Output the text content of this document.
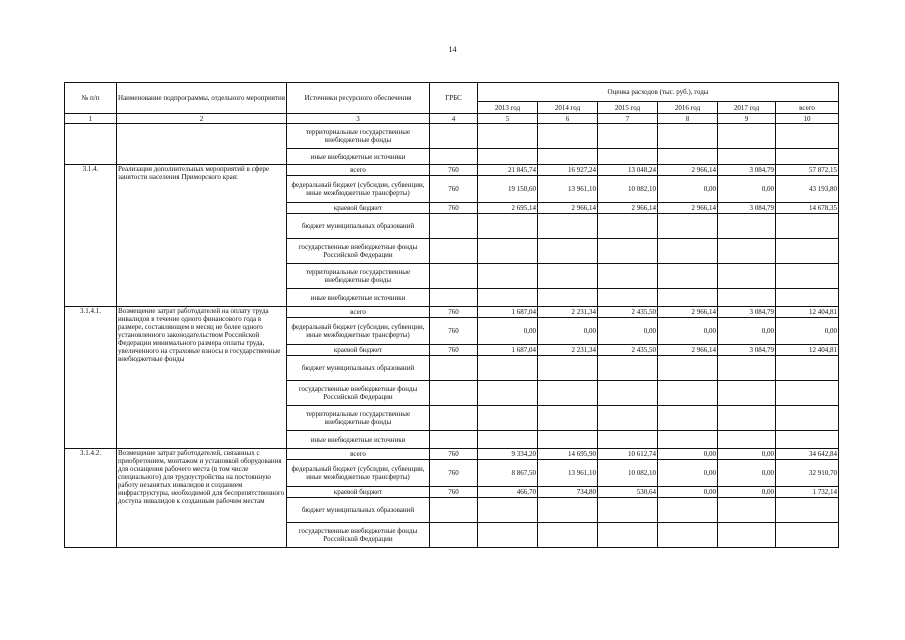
14
№ п/п	Наименование подпрограммы, отдельного мероприятия	Источники ресурсного обеспечения	ГРБС	Оценка расходов (тыс. руб.), годы					
				2013 год	2014 год	2015 год	2016 год	2017 год	всего
1	2	3	4	5	6	7	8	9	10
		территориальные государственные внебюджетные фонды							
		иные внебюджетные источники							
3.1.4.	Реализация дополнительных мероприятий в сфере занятости населения Приморского края:	всего	760	21 845,74	16 927,24	13 048,24	2 966,14	3 084,79	57 872,15
		федеральный бюджет (субсидии, субвенции, иные межбюджетные трансферты)	760	19 150,60	13 961,10	10 082,10	0,00	0,00	43 193,80
		краевой бюджет	760	2 695,14	2 966,14	2 966,14	2 966,14	3 084,79	14 678,35
		бюджет муниципальных образований							
		государственные внебюджетные фонды Российской Федерации							
		территориальные государственные внебюджетные фонды							
		иные внебюджетные источники							
3.1.4.1.	Возмещение затрат работодателей на оплату труда инвалидов в течение одного финансового года в размере, составляющем в месяц не более одного установленного законодательством Российской Федерации минимального размера оплаты труда, увеличенного на страховые взносы в государственные внебюджетные фонды	всего	760	1 687,04	2 231,34	2 435,50	2 966,14	3 084,79	12 404,81
		федеральный бюджет (субсидии, субвенции, иные межбюджетные трансферты)	760	0,00	0,00	0,00	0,00	0,00	0,00
		краевой бюджет	760	1 687,04	2 231,34	2 435,50	2 966,14	3 084,79	12 404,81
		бюджет муниципальных образований							
		государственные внебюджетные фонды Российской Федерации							
		территориальные государственные внебюджетные фонды							
		иные внебюджетные источники							
3.1.4.2.	Возмещение затрат работодателей, связанных с приобретением, монтажом и установкой оборудования для оснащения рабочего места (в том числе специального) для трудоустройства на постоянную работу незанятых инвалидов и созданием инфраструктуры, необходимой для беспрепятственного доступа инвалидов к созданным рабочим местам	всего	760	9 334,20	14 695,90	10 612,74	0,00	0,00	34 642,84
		федеральный бюджет (субсидии, субвенции, иные межбюджетные трансферты)	760	8 867,50	13 961,10	10 082,10	0,00	0,00	32 910,70
		краевой бюджет	760	466,70	734,80	530,64	0,00	0,00	1 732,14
		бюджет муниципальных образований							
		государственные внебюджетные фонды Российской Федерации							
